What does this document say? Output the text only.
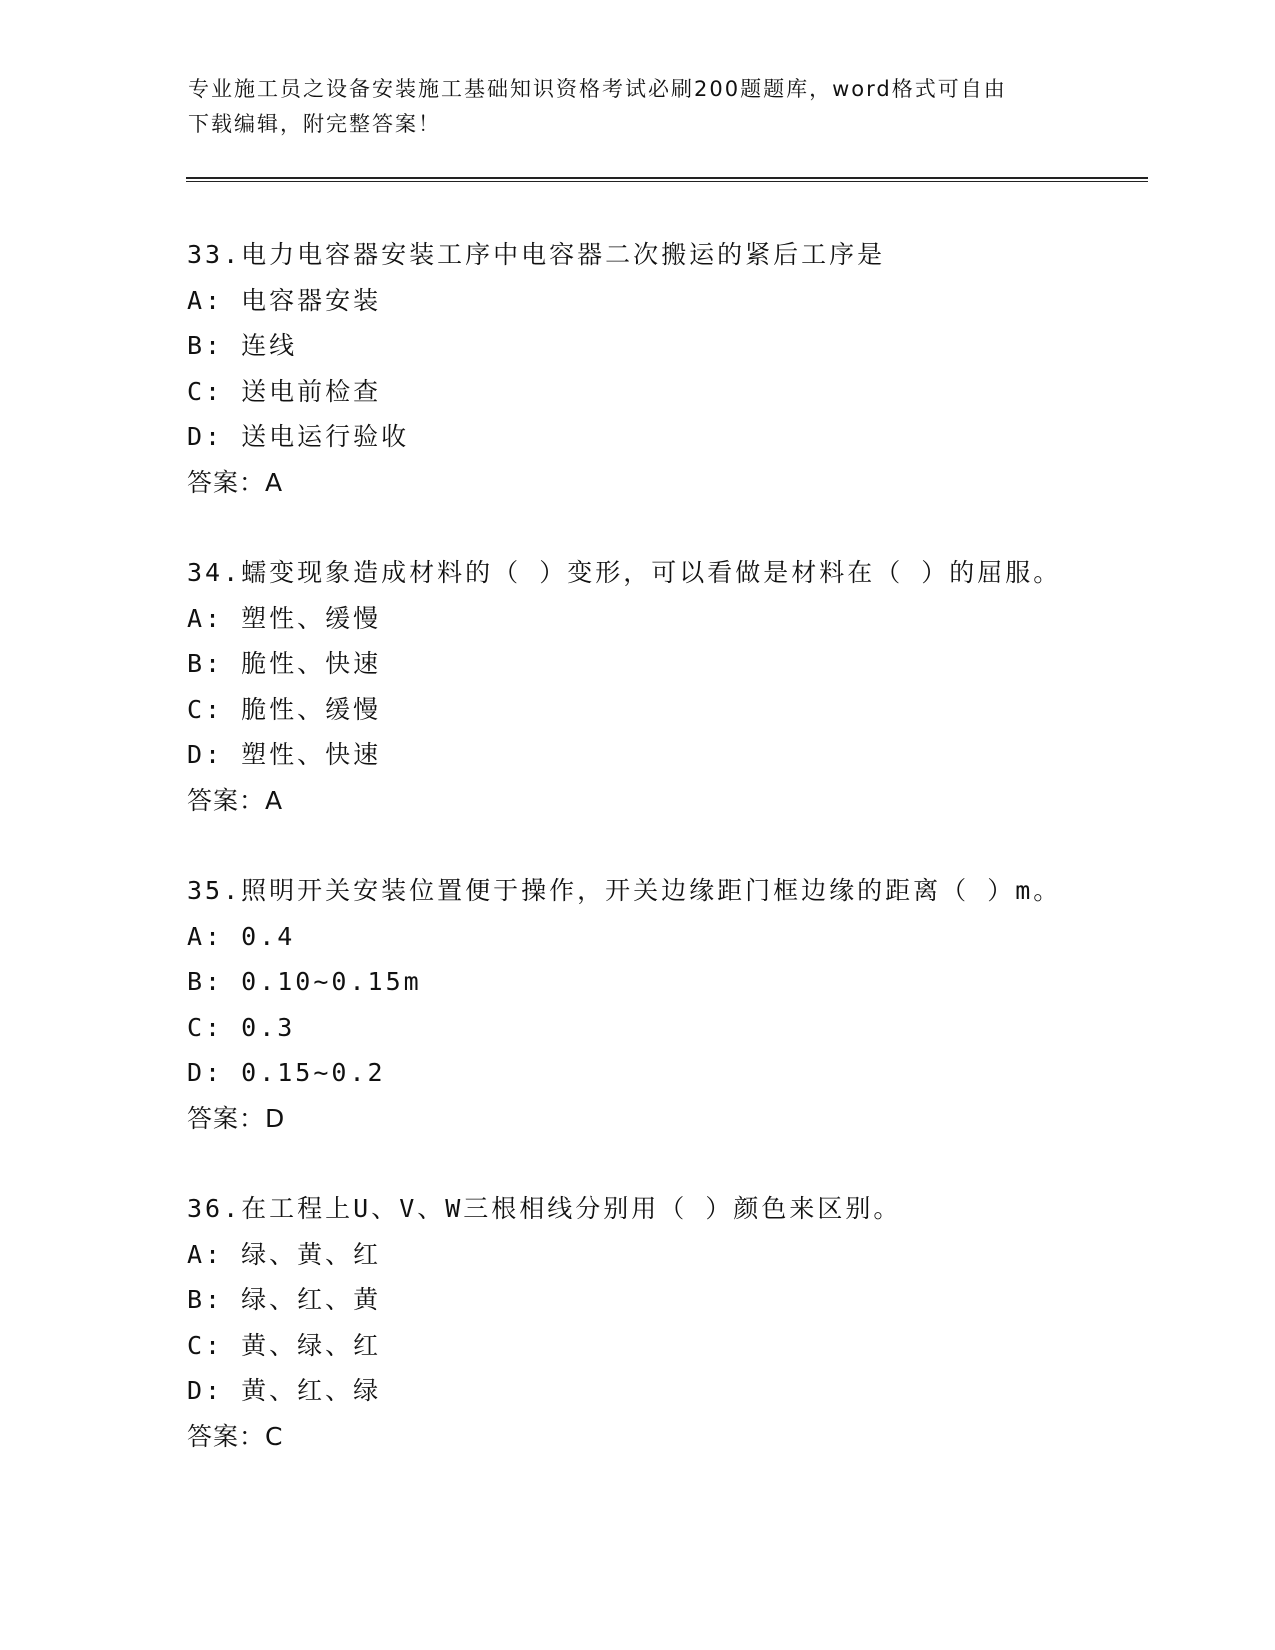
专业施工员之设备安装施工基础知识资格考试必刷200题题库，word格式可自由
下载编辑，附完整答案！
33.电力电容器安装工序中电容器二次搬运的紧后工序是
A: 电容器安装
B: 连线
C: 送电前检查
D: 送电运行验收
答案：A
34.蠕变现象造成材料的（ ）变形，可以看做是材料在（ ）的屈服。
A: 塑性、缓慢
B: 脆性、快速
C: 脆性、缓慢
D: 塑性、快速
答案：A
35.照明开关安装位置便于操作，开关边缘距门框边缘的距离（ ）m。
A: 0.4
B: 0.10~0.15m
C: 0.3
D: 0.15~0.2
答案：D
36.在工程上U、V、W三根相线分别用（ ）颜色来区别。
A: 绿、黄、红
B: 绿、红、黄
C: 黄、绿、红
D: 黄、红、绿
答案：C
